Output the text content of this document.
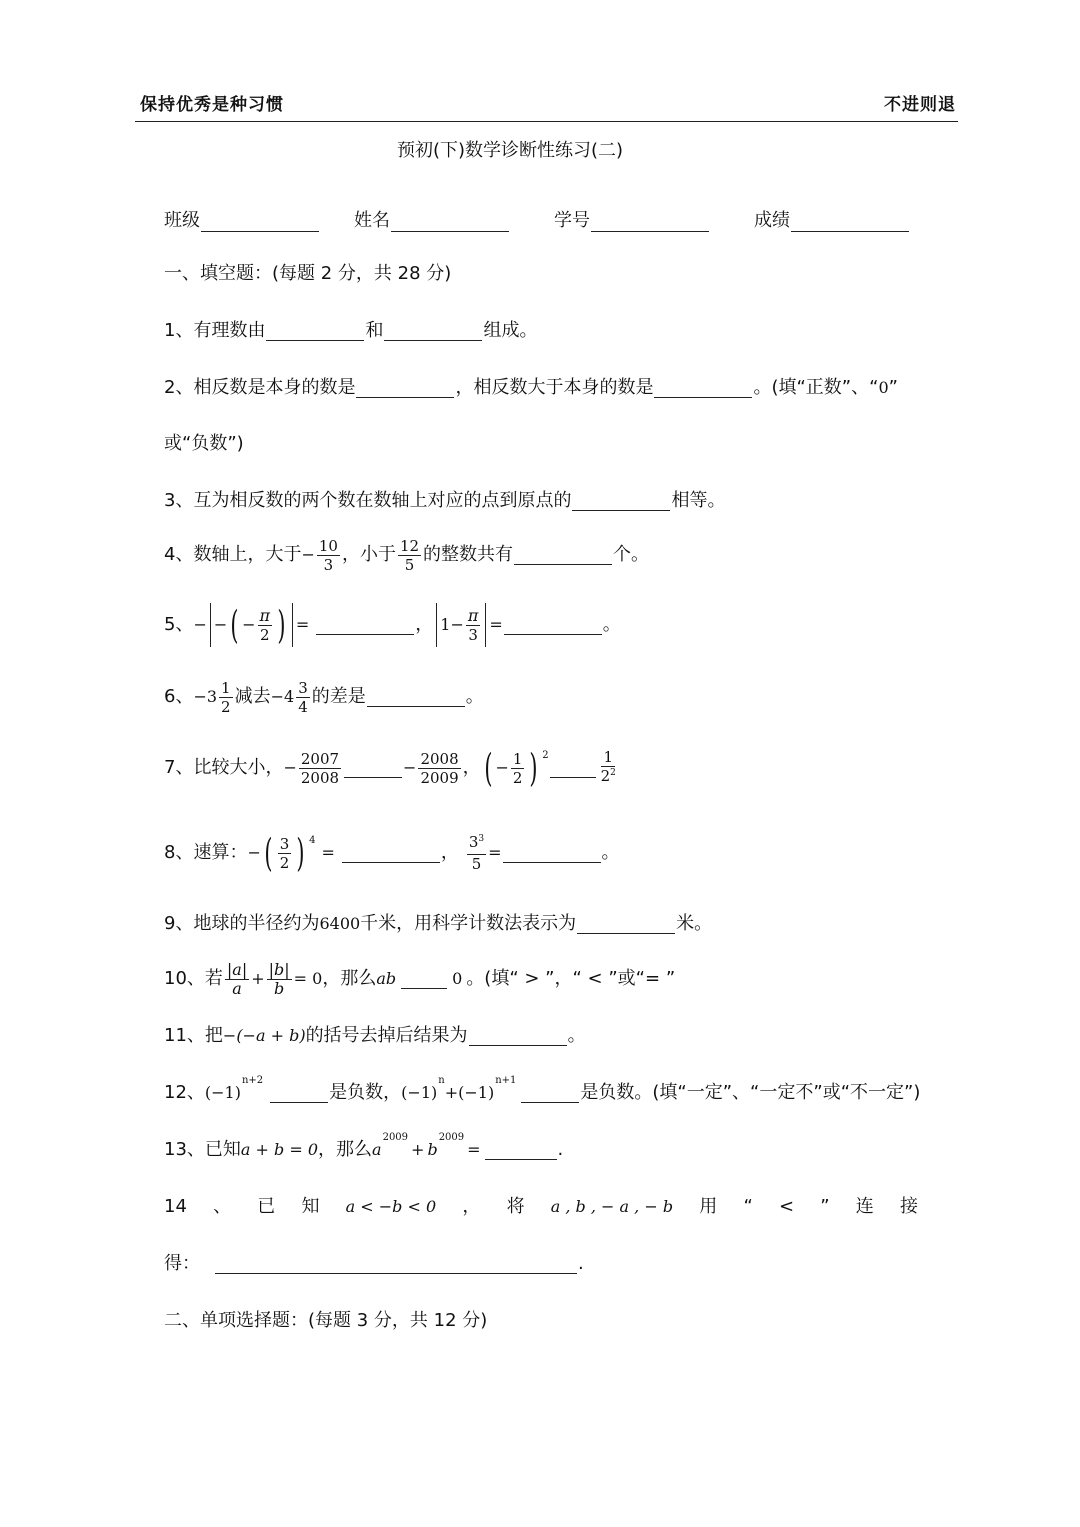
保持优秀是种习惯	不进则退
预初(下)数学诊断性练习(二)
班级	姓名	学号	成绩
一、填空题：(每题 2 分，共 28 分)
1、有理数由	和	组成。
2、相反数是本身的数是	，相反数大于本身的数是	。(填“正数”、“ 0 ”
或“负数”)
3、互为相反数的两个数在数轴上对应的点到原点的	相等。
4、数轴上，大于 − $\frac{10}{3}$ ，小于 $\frac{12}{5}$ 的整数共有	个。
5、 − − ( − $\frac{\pi}{2}$ ) =	， $1 - \frac{\pi}{3}$ =	。
6、 $-3 \frac{1}{2}$ 减去 $-4 \frac{3}{4}$ 的差是	。
7、比较大小， − $\frac{2007}{2008}$	− $\frac{2008}{2009}$ ， ( − $\frac{1}{2}$ ) 2	$\frac{1}{2^2}$
8、速算： − ( $\frac{3}{2}$ ) 4
=	， $\frac{3^3}{5}$ =	。
9、地球的半径约为 6400 千米，用科学计数法表示为	米。
10、若 $\frac{|a|}{a} + \frac{|b|}{b} = 0$ ，那么 ab	0 。(填“ > ”，“ < ”或“= ”
11、把 −(−a + b) 的括号去掉后结果为	。
12、 (−1)
n+2
是负数， (−1)
n
+ (−1)
n+1
是负数。(填“一定”、“一定不”或“不一定”)
13、已知 a + b = 0 ，那么 a
2009
+ b
2009
=	.
14 、 已 知 a < −b < 0 ， 将 a , b , − a , − b 用 “ < ” 连 接
得：	.
二、单项选择题：(每题 3 分，共 12 分)
